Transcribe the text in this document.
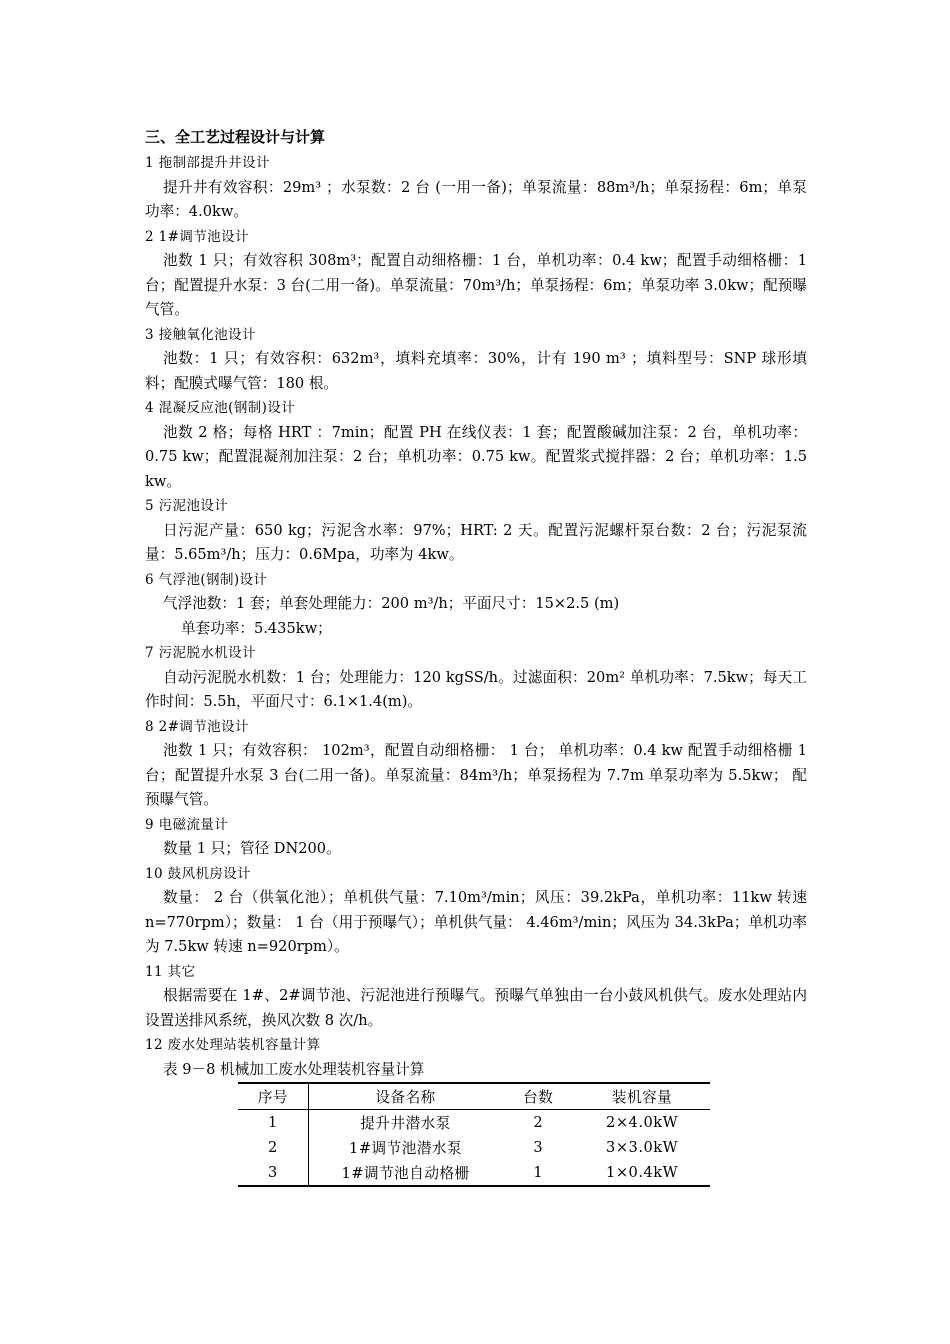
三、全工艺过程设计与计算
1 拖制部提升井设计

提升井有效容积：29m³ ；水泵数：2 台 (一用一备)；单泵流量：88m³/h；单泵扬程：6m；单泵功率：4.0kw。

2 1#调节池设计

池数 1 只；有效容积 308m³；配置自动细格栅：1 台，单机功率：0.4 kw；配置手动细格栅：1 台；配置提升水泵：3 台(二用一备)。单泵流量：70m³/h；单泵扬程：6m；单泵功率 3.0kw；配预曝气管。

3 接触氧化池设计

池数：1 只；有效容积：632m³，填料充填率：30%，计有 190 m³ ；填料型号：SNP 球形填料；配膜式曝气管：180 根。

4 混凝反应池(钢制)设计

池数 2 格；每格 HRT ：7min；配置 PH 在线仪表：1 套；配置酸碱加注泵：2 台，单机功率：0.75 kw；配置混凝剂加注泵：2 台；单机功率：0.75 kw。配置浆式搅拌器：2 台；单机功率：1.5 kw。

5 污泥池设计

日污泥产量：650 kg；污泥含水率：97%；HRT: 2 天。配置污泥螺杆泵台数：2 台；污泥泵流量：5.65m³/h；压力：0.6Mpa，功率为 4kw。

6 气浮池(钢制)设计

气浮池数：1 套；单套处理能力：200 m³/h；平面尺寸：15×2.5 (m)

单套功率：5.435kw；

7 污泥脱水机设计

自动污泥脱水机数：1 台；处理能力：120 kgSS/h。过滤面积：20m² 单机功率：7.5kw；每天工作时间：5.5h，平面尺寸：6.1×1.4(m)。

8 2#调节池设计

池数 1 只；有效容积： 102m³，配置自动细格栅： 1 台； 单机功率：0.4 kw 配置手动细格栅 1 台；配置提升水泵 3 台(二用一备)。单泵流量：84m³/h；单泵扬程为 7.7m 单泵功率为 5.5kw； 配预曝气管。

9 电磁流量计

数量 1 只；管径 DN200。

10 鼓风机房设计

数量： 2 台（供氧化池）；单机供气量：7.10m³/min；风压：39.2kPa，单机功率：11kw 转速 n=770rpm）；数量： 1 台（用于预曝气）；单机供气量： 4.46m³/min；风压为 34.3kPa；单机功率为 7.5kw 转速 n=920rpm）。

11 其它

根据需要在 1#、2#调节池、污泥池进行预曝气。预曝气单独由一台小鼓风机供气。废水处理站内设置送排风系统，换风次数 8 次/h。

12 废水处理站装机容量计算
表 9－8 机械加工废水处理装机容量计算
序号	设备名称	台数	装机容量
1	提升井潜水泵	2	2×4.0kW
2	1#调节池潜水泵	3	3×3.0kW
3	1#调节池自动格栅	1	1×0.4kW
